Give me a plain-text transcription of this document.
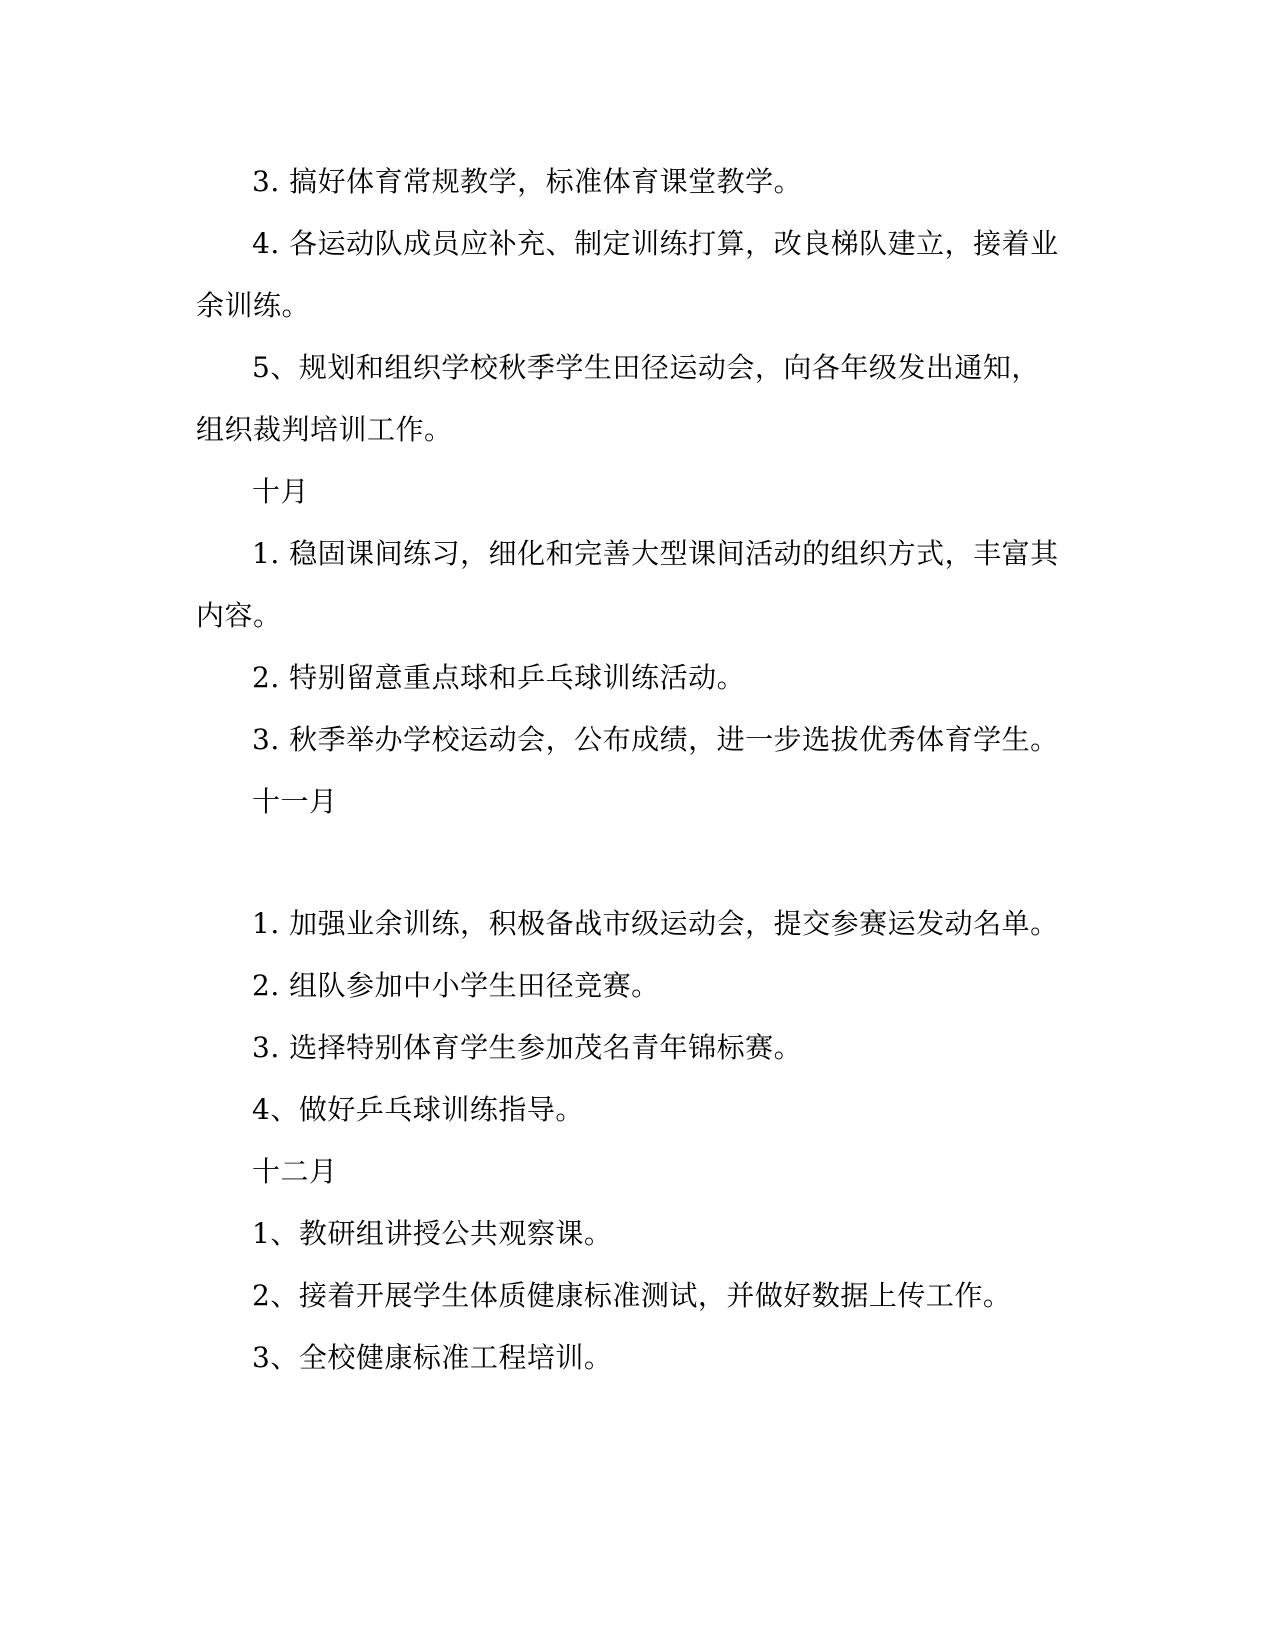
3. 搞好体育常规教学，标准体育课堂教学。
4. 各运动队成员应补充、制定训练打算，改良梯队建立，接着业
余训练。
5、规划和组织学校秋季学生田径运动会，向各年级发出通知，
组织裁判培训工作。
十月
1. 稳固课间练习，细化和完善大型课间活动的组织方式，丰富其
内容。
2. 特别留意重点球和乒乓球训练活动。
3. 秋季举办学校运动会，公布成绩，进一步选拔优秀体育学生。
十一月
1. 加强业余训练，积极备战市级运动会，提交参赛运发动名单。
2. 组队参加中小学生田径竞赛。
3. 选择特别体育学生参加茂名青年锦标赛。
4、做好乒乓球训练指导。
十二月
1、教研组讲授公共观察课。
2、接着开展学生体质健康标准测试，并做好数据上传工作。
3、全校健康标准工程培训。
